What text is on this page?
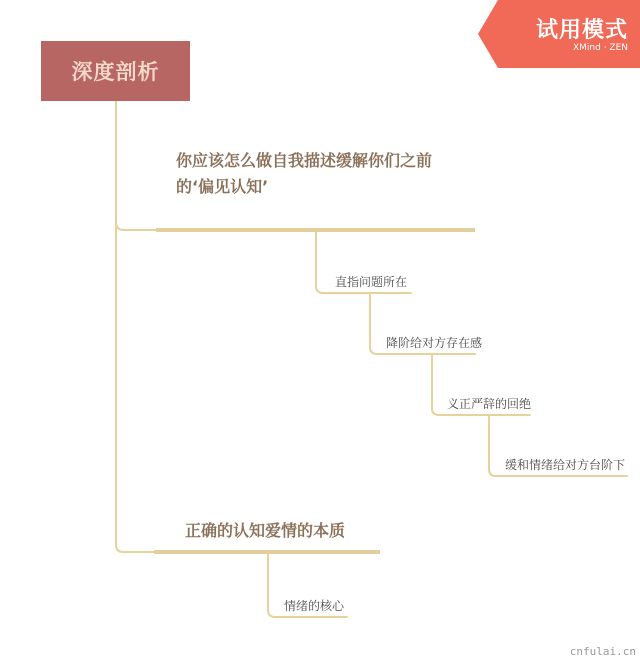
试用模式
XMind · ZEN
深度剖析
你应该怎么做自我描述缓解你们之前
的‘偏见认知’
直指问题所在
降阶给对方存在感
义正严辞的回绝
缓和情绪给对方台阶下
正确的认知爱情的本质
情绪的核心
cnfulai.cn
